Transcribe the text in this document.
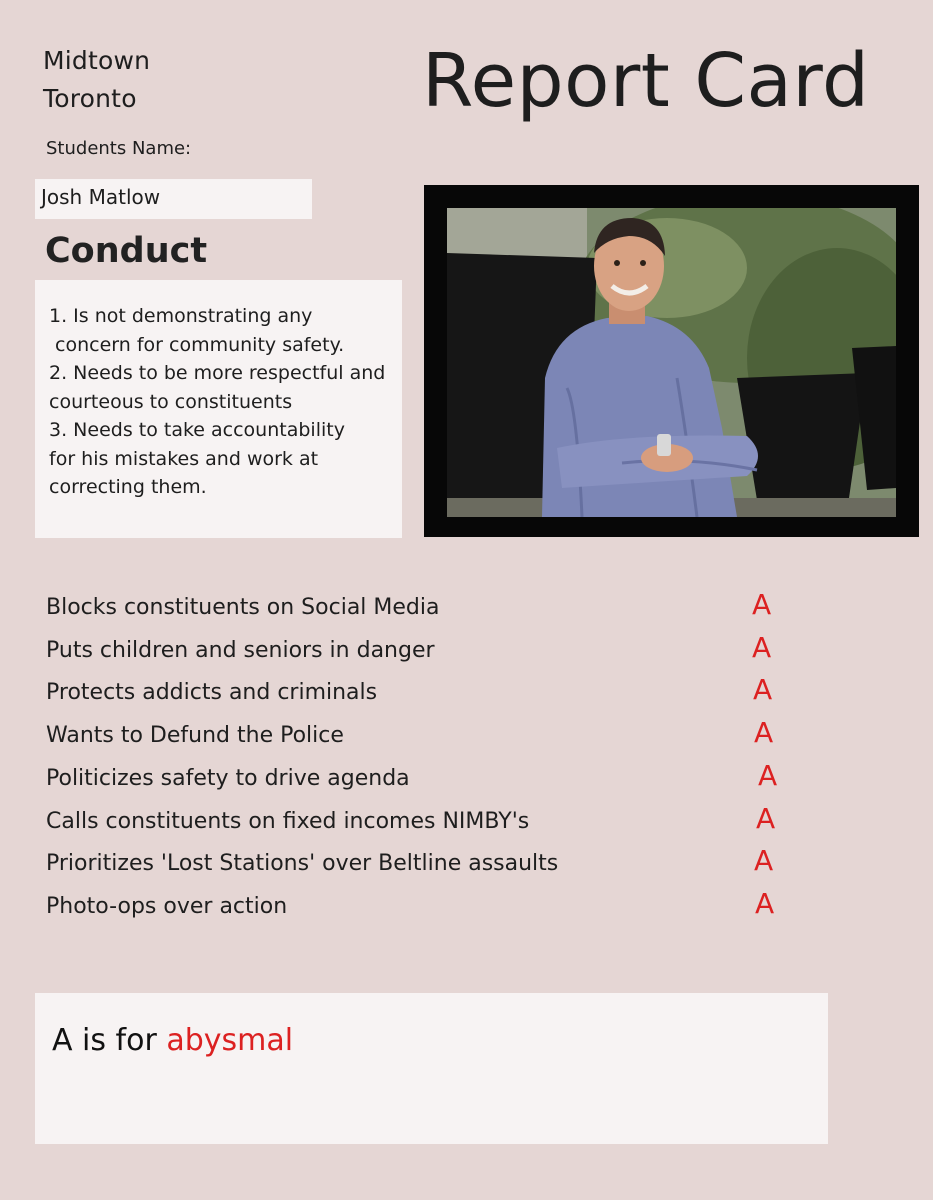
Midtown
Toronto	Report Card
Students Name:
Josh Matlow
Conduct
1. Is not demonstrating any
concern for community safety.
2. Needs to be more respectful and
courteous to constituents
3. Needs to take accountability
for his mistakes and work at
correcting them.
Blocks constituents on Social Media	A
Puts children and seniors in danger	A
Protects addicts and criminals	A
Wants to Defund the Police	A
Politicizes safety to drive agenda	A
Calls constituents on fixed incomes NIMBY's	A
Prioritizes 'Lost Stations' over Beltline assaults	A
Photo-ops over action	A
A is for abysmal
